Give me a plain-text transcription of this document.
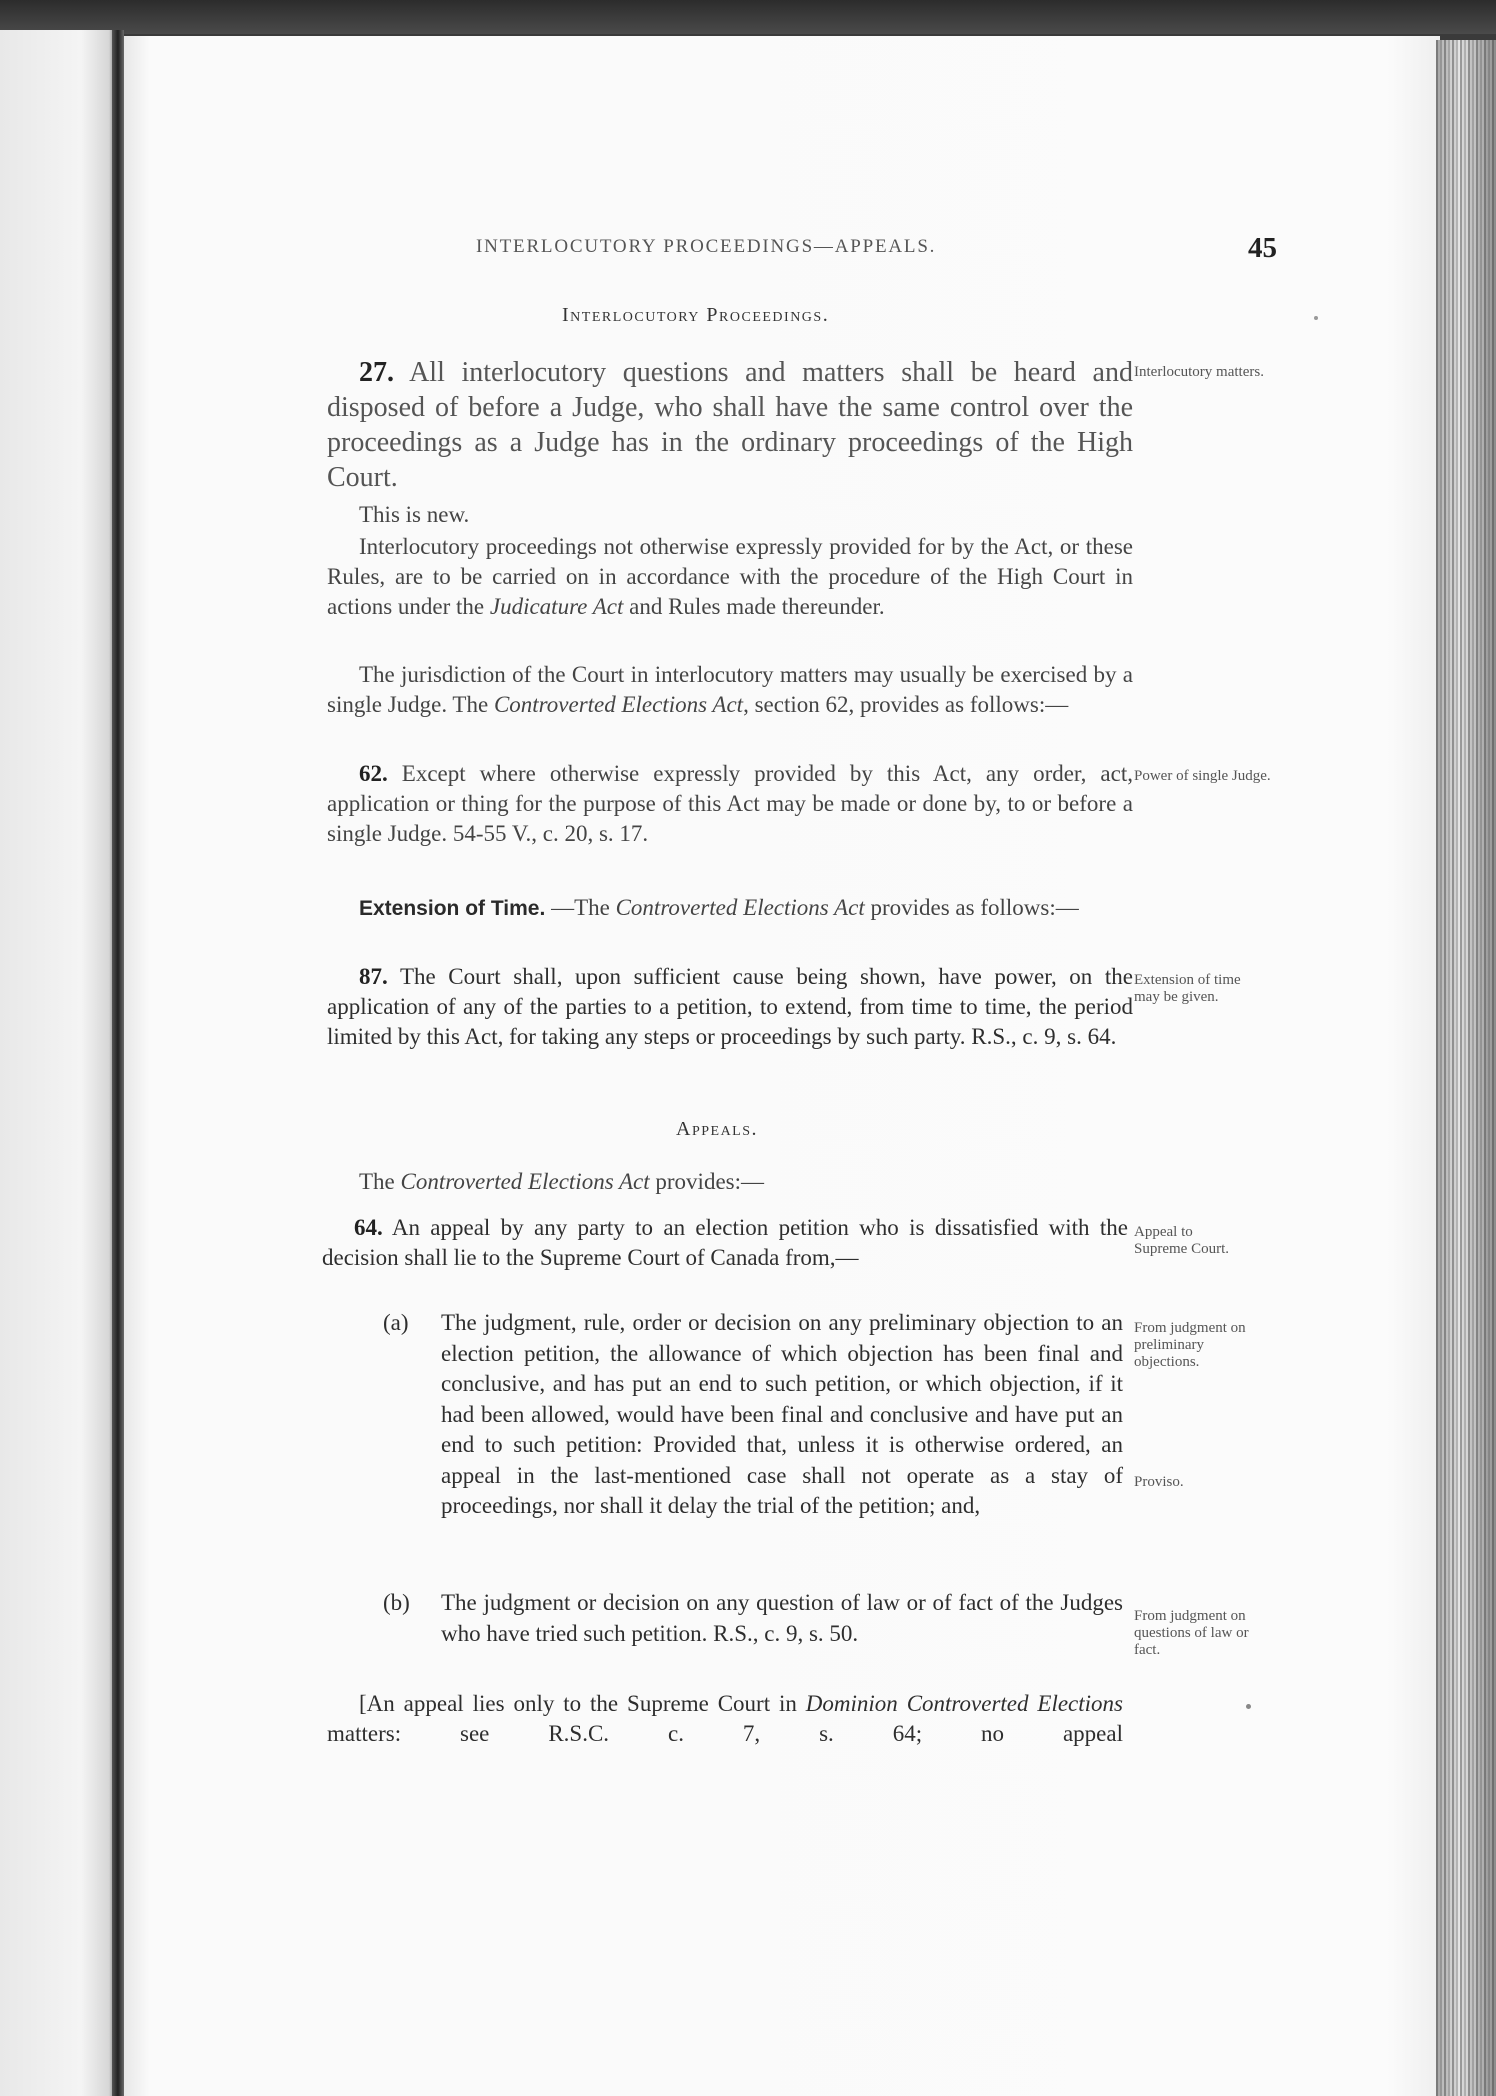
INTERLOCUTORY PROCEEDINGS—APPEALS.	45
Interlocutory Proceedings.
27. All interlocutory questions and matters shall be heard and disposed of before a Judge, who shall have the same control over the proceedings as a Judge has in the ordinary proceedings of the High Court.
Interlocutory matters.
This is new.
Interlocutory proceedings not otherwise expressly provided for by the Act, or these Rules, are to be carried on in accordance with the procedure of the High Court in actions under the Judicature Act and Rules made thereunder.
The jurisdiction of the Court in interlocutory matters may usually be exercised by a single Judge. The Controverted Elections Act, section 62, provides as follows:—
62. Except where otherwise expressly provided by this Act, any order, act, application or thing for the purpose of this Act may be made or done by, to or before a single Judge. 54-55 V., c. 20, s. 17.
Power of single Judge.
Extension of Time. —The Controverted Elections Act provides as follows:—
87. The Court shall, upon sufficient cause being shown, have power, on the application of any of the parties to a petition, to extend, from time to time, the period limited by this Act, for taking any steps or proceedings by such party. R.S., c. 9, s. 64.
Extension of time may be given.
Appeals.
The Controverted Elections Act provides:—
64. An appeal by any party to an election petition who is dissatisfied with the decision shall lie to the Supreme Court of Canada from,—
Appeal to Supreme Court.
(a) The judgment, rule, order or decision on any preliminary objection to an election petition, the allowance of which objection has been final and conclusive, and has put an end to such petition, or which objection, if it had been allowed, would have been final and conclusive and have put an end to such petition: Provided that, unless it is otherwise ordered, an appeal in the last-mentioned case shall not operate as a stay of proceedings, nor shall it delay the trial of the petition; and,
From judgment on preliminary objections.
Proviso.
(b) The judgment or decision on any question of law or of fact of the Judges who have tried such petition. R.S., c. 9, s. 50.
From judgment on questions of law or fact.
[An appeal lies only to the Supreme Court in Dominion Controverted Elections matters: see R.S.C. c. 7, s. 64; no appeal
